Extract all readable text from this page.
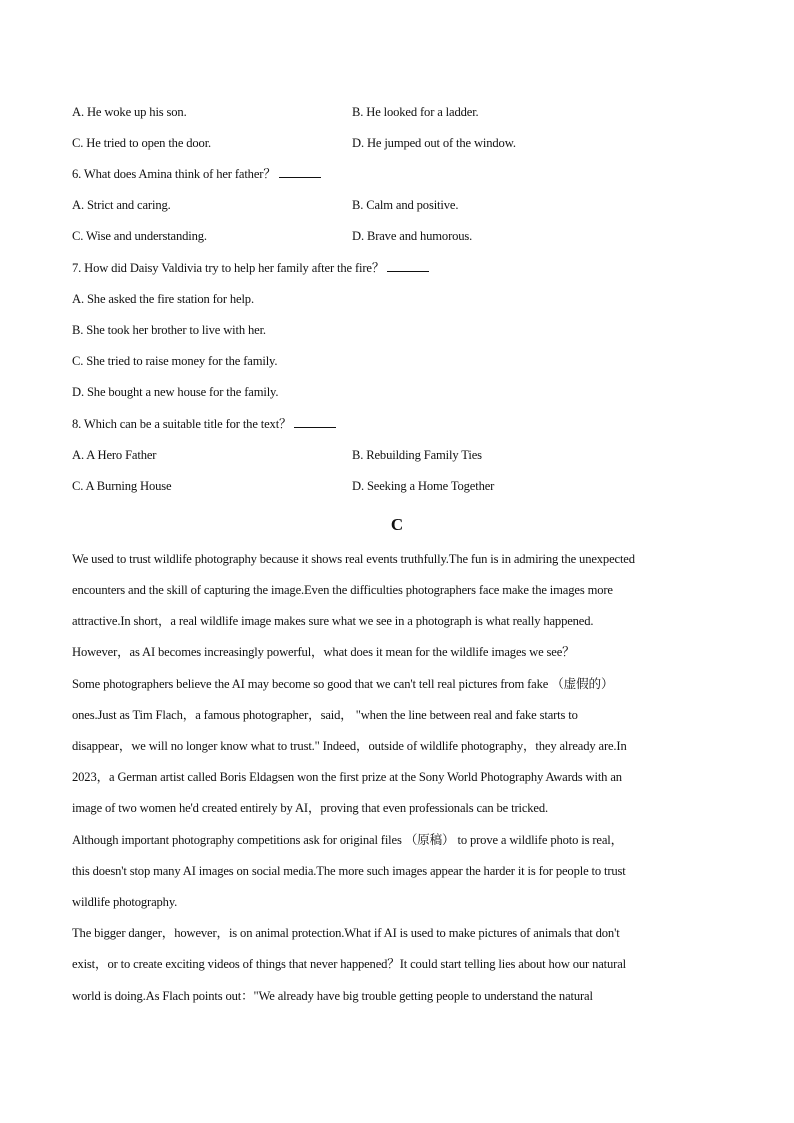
A. He woke up his son.	B. He looked for a ladder.
C. He tried to open the door.	D. He jumped out of the window.
6. What does Amina think of her father？
A. Strict and caring.	B. Calm and positive.
C. Wise and understanding.	D. Brave and humorous.
7. How did Daisy Valdivia try to help her family after the fire？
A. She asked the fire station for help.
B. She took her brother to live with her.
C. She tried to raise money for the family.
D. She bought a new house for the family.
8. Which can be a suitable title for the text？
A. A Hero Father	B. Rebuilding Family Ties
C. A Burning House	D. Seeking a Home Together
C
We used to trust wildlife photography because it shows real events truthfully.The fun is in admiring the unexpected
encounters and the skill of capturing the image.Even the difficulties photographers face make the images more
attractive.In short，a real wildlife image makes sure what we see in a photograph is what really happened.
However，as AI becomes increasingly powerful，what does it mean for the wildlife images we see？
Some photographers believe the AI may become so good that we can't tell real pictures from fake （虚假的）
ones.Just as Tim Flach，a famous photographer，said， "when the line between real and fake starts to
disappear，we will no longer know what to trust." Indeed，outside of wildlife photography，they already are.In
2023，a German artist called Boris Eldagsen won the first prize at the Sony World Photography Awards with an
image of two women he'd created entirely by AI，proving that even professionals can be tricked.
Although important photography competitions ask for original files （原稿） to prove a wildlife photo is real，
this doesn't stop many AI images on social media.The more such images appear the harder it is for people to trust
wildlife photography.
The bigger danger，however，is on animal protection.What if AI is used to make pictures of animals that don't
exist，or to create exciting videos of things that never happened？It could start telling lies about how our natural
world is doing.As Flach points out："We already have big trouble getting people to understand the natural
